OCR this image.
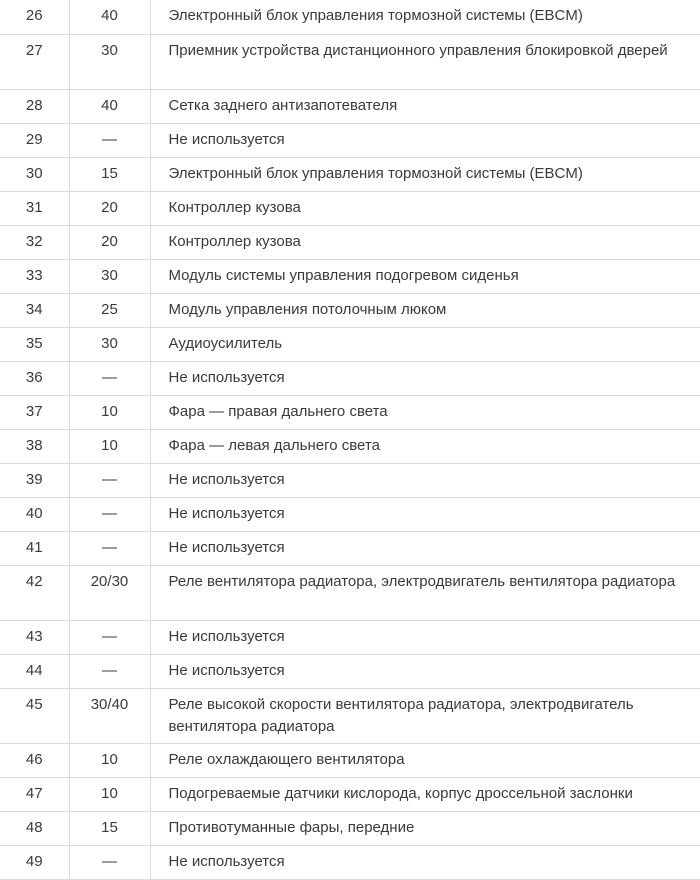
26	40	Электронный блок управления тормозной системы (EBCM)
27	30	Приемник устройства дистанционного управления блокировкой дверей
28	40	Сетка заднего антизапотевателя
29	—	Не используется
30	15	Электронный блок управления тормозной системы (EBCM)
31	20	Контроллер кузова
32	20	Контроллер кузова
33	30	Модуль системы управления подогревом сиденья
34	25	Модуль управления потолочным люком
35	30	Аудиоусилитель
36	—	Не используется
37	10	Фара — правая дальнего света
38	10	Фара — левая дальнего света
39	—	Не используется
40	—	Не используется
41	—	Не используется
42	20/30	Реле вентилятора радиатора, электродвигатель вентилятора радиатора
43	—	Не используется
44	—	Не используется
45	30/40	Реле высокой скорости вентилятора радиатора, электродвигатель вентилятора радиатора
46	10	Реле охлаждающего вентилятора
47	10	Подогреваемые датчики кислорода, корпус дроссельной заслонки
48	15	Противотуманные фары, передние
49	—	Не используется
